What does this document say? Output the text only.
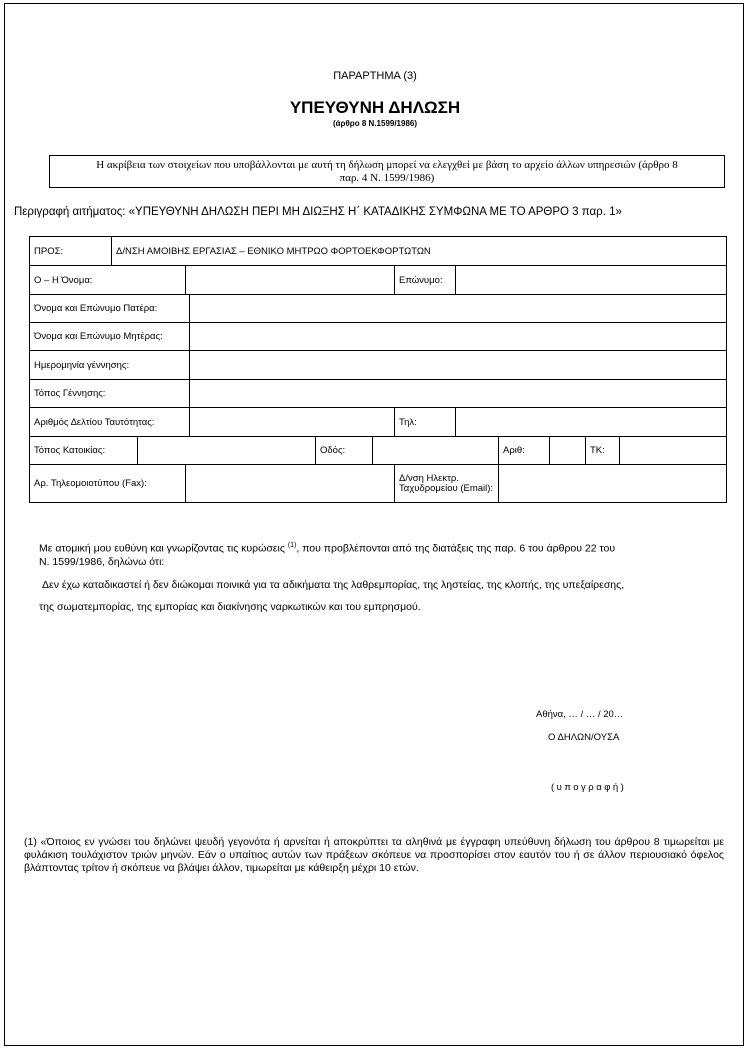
ΠΑΡΑΡΤΗΜΑ (3)
ΥΠΕΥΘΥΝΗ ΔΗΛΩΣΗ
(άρθρο 8 Ν.1599/1986)
Η ακρίβεια των στοιχείων που υποβάλλονται με αυτή τη δήλωση μπορεί να ελεγχθεί με βάση το αρχείο άλλων υπηρεσιών (άρθρο 8
παρ. 4 Ν. 1599/1986)
Περιγραφή αιτήματος: «ΥΠΕΥΘΥΝΗ ΔΗΛΩΣΗ ΠΕΡΙ ΜΗ ΔΙΩΞΗΣ Η΄ ΚΑΤΑΔΙΚΗΣ ΣΥΜΦΩΝΑ ΜΕ ΤΟ ΑΡΘΡΟ 3 παρ. 1»
ΠΡΟΣ:	Δ/ΝΣΗ ΑΜΟΙΒΗΣ ΕΡΓΑΣΙΑΣ – ΕΘΝΙΚΟ ΜΗΤΡΩΟ ΦΟΡΤΟΕΚΦΟΡΤΩΤΩΝ											
Ο – Η Όνομα:							Επώνυμο:					
Όνομα και Επώνυμο Πατέρα:												
Όνομα και Επώνυμο Μητέρας:												
Ημερομηνία γέννησης:												
Τόπος Γέννησης:												
Αριθμός Δελτίου Ταυτότητας:							Τηλ:					
Τόπος Κατοικίας:					Οδός:				Αριθ:		ΤΚ:	
Αρ. Τηλεομοιοτύπου (Fax):							Δ/νση Ηλεκτρ. Ταχυδρομείου (Email):					
Με ατομική μου ευθύνη και γνωρίζοντας τις κυρώσεις $^{(1)}$, που προβλέπονται από της διατάξεις της παρ. 6 του άρθρου 22 του
Ν. 1599/1986, δηλώνω ότι:
Δεν έχω καταδικαστεί ή δεν διώκομαι ποινικά για τα αδικήματα της λαθρεμπορίας, της ληστείας, της κλοπής, της υπεξαίρεσης,
της σωματεμπορίας, της εμπορίας και διακίνησης ναρκωτικών και του εμπρησμού.
Αθήνα, … / … / 20…
Ο ΔΗΛΩΝ/ΟΥΣΑ
(υπογραφή)
(1) «Όποιος εν γνώσει του δηλώνει ψευδή γεγονότα ή αρνείται ή αποκρύπτει τα αληθινά με έγγραφη υπεύθυνη δήλωση του άρθρου 8 τιμωρείται με φυλάκιση τουλάχιστον τριών μηνών. Εάν ο υπαίτιος αυτών των πράξεων σκόπευε να προσπορίσει στον εαυτόν του ή σε άλλον περιουσιακό όφελος βλάπτοντας τρίτον ή σκόπευε να βλάψει άλλον, τιμωρείται με κάθειρξη μέχρι 10 ετών.
